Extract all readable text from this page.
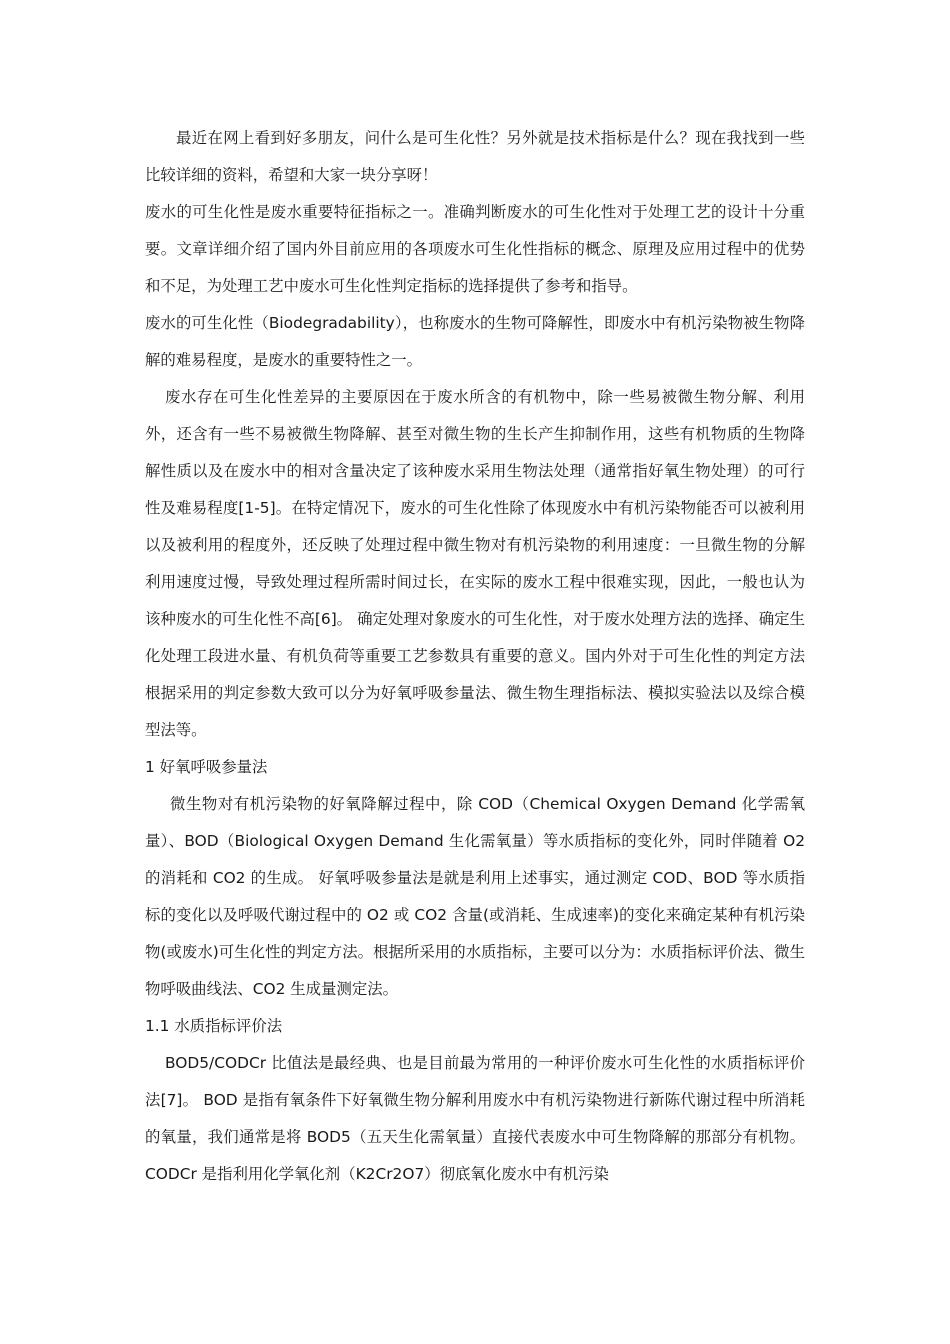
最近在网上看到好多朋友，问什么是可生化性？另外就是技术指标是什么？现在我找到一些比较详细的资料，希望和大家一块分享呀！

废水的可生化性是废水重要特征指标之一。准确判断废水的可生化性对于处理工艺的设计十分重要。文章详细介绍了国内外目前应用的各项废水可生化性指标的概念、原理及应用过程中的优势和不足，为处理工艺中废水可生化性判定指标的选择提供了参考和指导。

废水的可生化性（Biodegradability），也称废水的生物可降解性，即废水中有机污染物被生物降解的难易程度，是废水的重要特性之一。

废水存在可生化性差异的主要原因在于废水所含的有机物中，除一些易被微生物分解、利用外，还含有一些不易被微生物降解、甚至对微生物的生长产生抑制作用，这些有机物质的生物降解性质以及在废水中的相对含量决定了该种废水采用生物法处理（通常指好氧生物处理）的可行性及难易程度[1-5]。在特定情况下，废水的可生化性除了体现废水中有机污染物能否可以被利用以及被利用的程度外，还反映了处理过程中微生物对有机污染物的利用速度：一旦微生物的分解利用速度过慢，导致处理过程所需时间过长，在实际的废水工程中很难实现，因此，一般也认为该种废水的可生化性不高[6]。 确定处理对象废水的可生化性，对于废水处理方法的选择、确定生化处理工段进水量、有机负荷等重要工艺参数具有重要的意义。国内外对于可生化性的判定方法根据采用的判定参数大致可以分为好氧呼吸参量法、微生物生理指标法、模拟实验法以及综合模型法等。

1 好氧呼吸参量法

微生物对有机污染物的好氧降解过程中，除 COD（Chemical Oxygen Demand 化学需氧量）、BOD（Biological Oxygen Demand 生化需氧量）等水质指标的变化外，同时伴随着 O2 的消耗和 CO2 的生成。 好氧呼吸参量法是就是利用上述事实，通过测定 COD、BOD 等水质指标的变化以及呼吸代谢过程中的 O2 或 CO2 含量(或消耗、生成速率)的变化来确定某种有机污染物(或废水)可生化性的判定方法。根据所采用的水质指标，主要可以分为：水质指标评价法、微生物呼吸曲线法、CO2 生成量测定法。

1.1 水质指标评价法

BOD5/CODCr 比值法是最经典、也是目前最为常用的一种评价废水可生化性的水质指标评价法[7]。 BOD 是指有氧条件下好氧微生物分解利用废水中有机污染物进行新陈代谢过程中所消耗的氧量，我们通常是将 BOD5（五天生化需氧量）直接代表废水中可生物降解的那部分有机物。CODCr 是指利用化学氧化剂（K2Cr2O7）彻底氧化废水中有机污染
